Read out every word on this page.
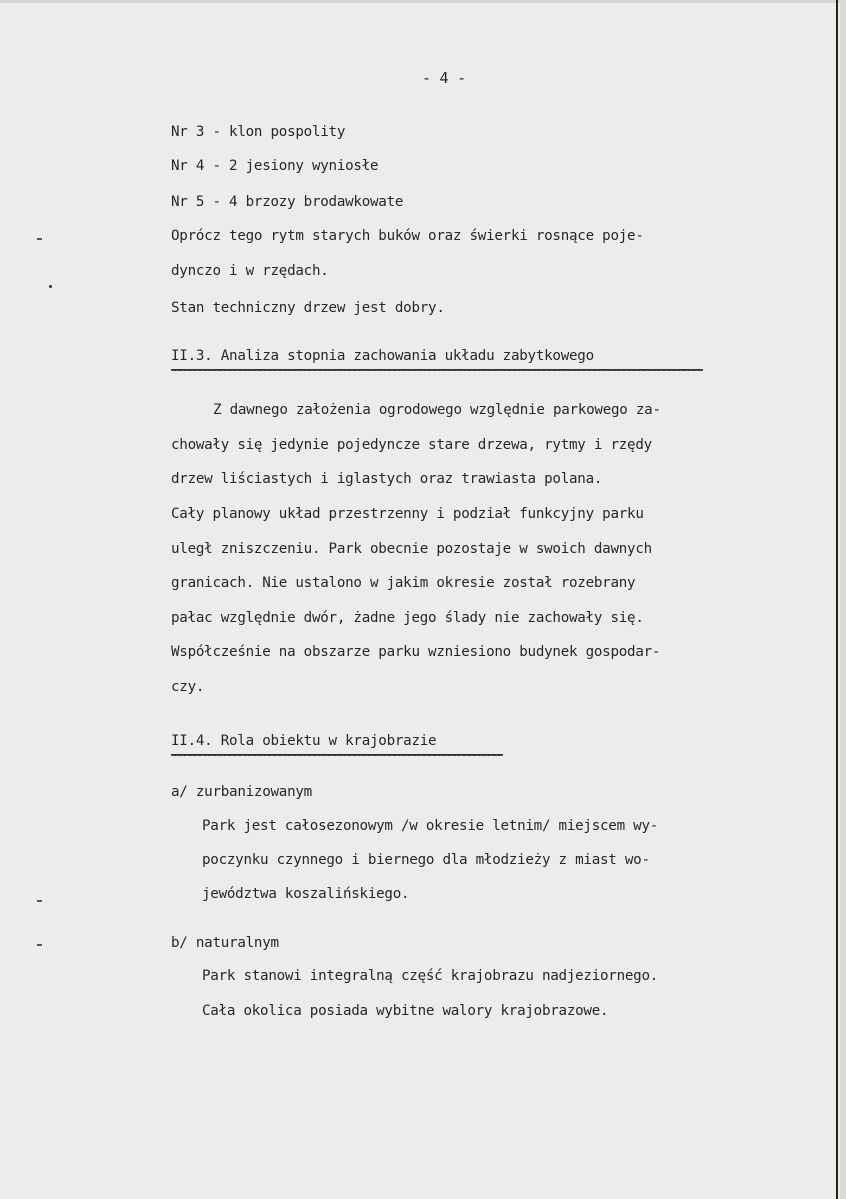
- 4 -
Nr 3 - klon pospolity
Nr 4 - 2 jesiony wyniosłe
Nr 5 - 4 brzozy brodawkowate
Oprócz tego rytm starych buków oraz świerki rosnące poje-
dynczo i w rzędach.
Stan techniczny drzew jest dobry.
II.3. Analiza stopnia zachowania układu zabytkowego
Z dawnego założenia ogrodowego względnie parkowego za-
chowały się jedynie pojedyncze stare drzewa, rytmy i rzędy
drzew liściastych i iglastych oraz trawiasta polana.
Cały planowy układ przestrzenny i podział funkcyjny parku
uległ zniszczeniu. Park obecnie pozostaje w swoich dawnych
granicach. Nie ustalono w jakim okresie został rozebrany
pałac względnie dwór, żadne jego ślady nie zachowały się.
Współcześnie na obszarze parku wzniesiono budynek gospodar-
czy.
II.4. Rola obiektu w krajobrazie
a/ zurbanizowanym
Park jest całosezonowym /w okresie letnim/ miejscem wy-
poczynku czynnego i biernego dla młodzieży z miast wo-
jewództwa koszalińskiego.
b/ naturalnym
Park stanowi integralną część krajobrazu nadjeziornego.
Cała okolica posiada wybitne walory krajobrazowe.
